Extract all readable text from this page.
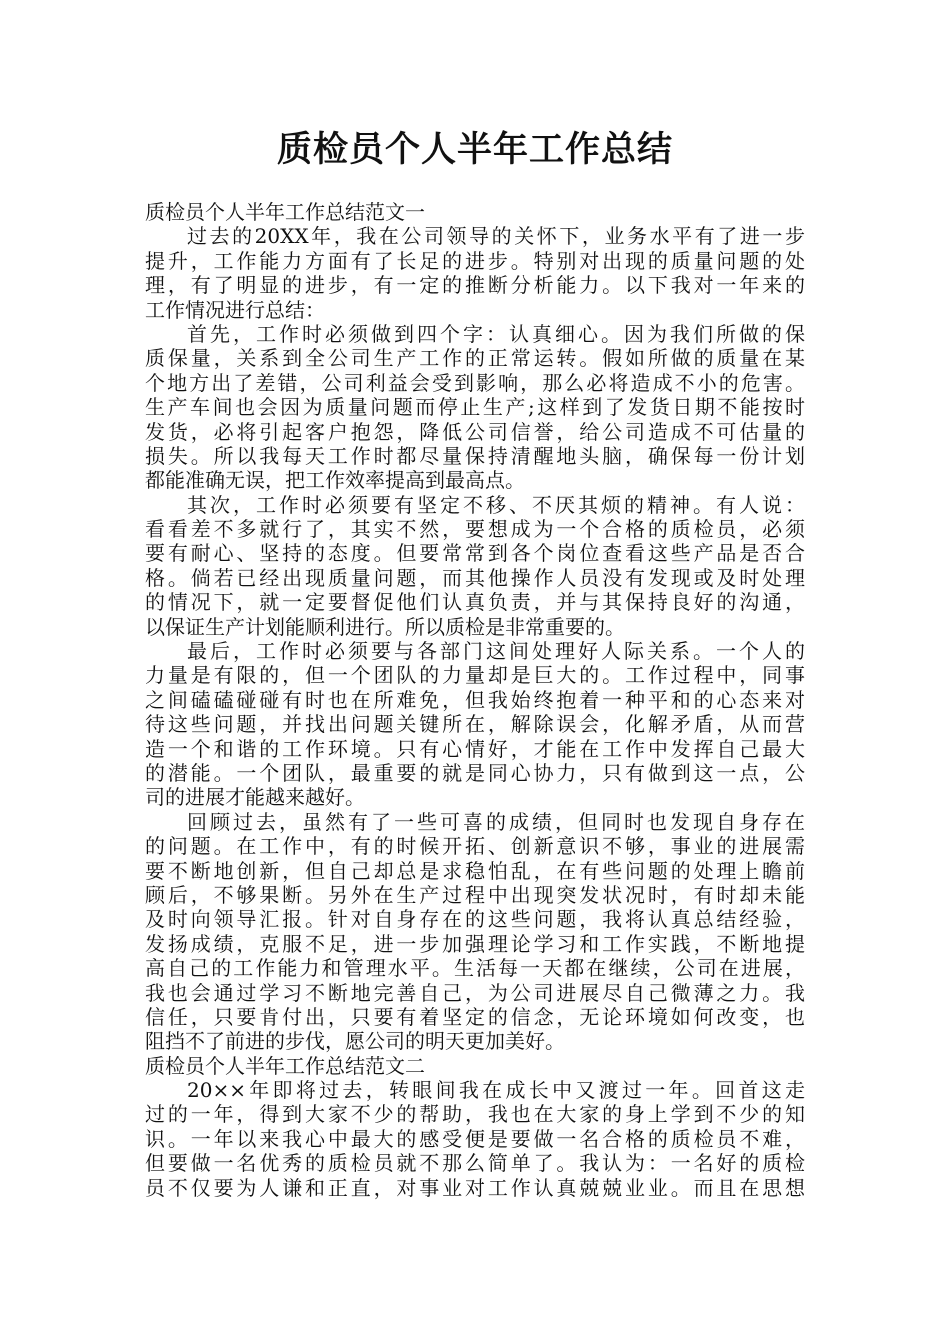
质检员个人半年工作总结
质检员个人半年工作总结范文一
过去的20XX年，我在公司领导的关怀下，业务水平有了进一步
提升，工作能力方面有了长足的进步。特别对出现的质量问题的处
理，有了明显的进步，有一定的推断分析能力。以下我对一年来的
工作情况进行总结：
首先，工作时必须做到四个字：认真细心。因为我们所做的保
质保量，关系到全公司生产工作的正常运转。假如所做的质量在某
个地方出了差错，公司利益会受到影响，那么必将造成不小的危害。
生产车间也会因为质量问题而停止生产;这样到了发货日期不能按时
发货，必将引起客户抱怨，降低公司信誉，给公司造成不可估量的
损失。所以我每天工作时都尽量保持清醒地头脑，确保每一份计划
都能准确无误，把工作效率提高到最高点。
其次，工作时必须要有坚定不移、不厌其烦的精神。有人说：
看看差不多就行了，其实不然，要想成为一个合格的质检员，必须
要有耐心、坚持的态度。但要常常到各个岗位查看这些产品是否合
格。倘若已经出现质量问题，而其他操作人员没有发现或及时处理
的情况下，就一定要督促他们认真负责，并与其保持良好的沟通，
以保证生产计划能顺利进行。所以质检是非常重要的。
最后，工作时必须要与各部门这间处理好人际关系。一个人的
力量是有限的，但一个团队的力量却是巨大的。工作过程中，同事
之间磕磕碰碰有时也在所难免，但我始终抱着一种平和的心态来对
待这些问题，并找出问题关键所在，解除误会，化解矛盾，从而营
造一个和谐的工作环境。只有心情好，才能在工作中发挥自己最大
的潜能。一个团队，最重要的就是同心协力，只有做到这一点，公
司的进展才能越来越好。
回顾过去，虽然有了一些可喜的成绩，但同时也发现自身存在
的问题。在工作中，有的时候开拓、创新意识不够，事业的进展需
要不断地创新，但自己却总是求稳怕乱，在有些问题的处理上瞻前
顾后，不够果断。另外在生产过程中出现突发状况时，有时却未能
及时向领导汇报。针对自身存在的这些问题，我将认真总结经验，
发扬成绩，克服不足，进一步加强理论学习和工作实践，不断地提
高自己的工作能力和管理水平。生活每一天都在继续，公司在进展，
我也会通过学习不断地完善自己，为公司进展尽自己微薄之力。我
信任，只要肯付出，只要有着坚定的信念，无论环境如何改变，也
阻挡不了前进的步伐，愿公司的明天更加美好。
质检员个人半年工作总结范文二
20××年即将过去，转眼间我在成长中又渡过一年。回首这走
过的一年，得到大家不少的帮助，我也在大家的身上学到不少的知
识。一年以来我心中最大的感受便是要做一名合格的质检员不难，
但要做一名优秀的质检员就不那么简单了。我认为：一名好的质检
员不仅要为人谦和正直，对事业对工作认真兢兢业业。而且在思想
